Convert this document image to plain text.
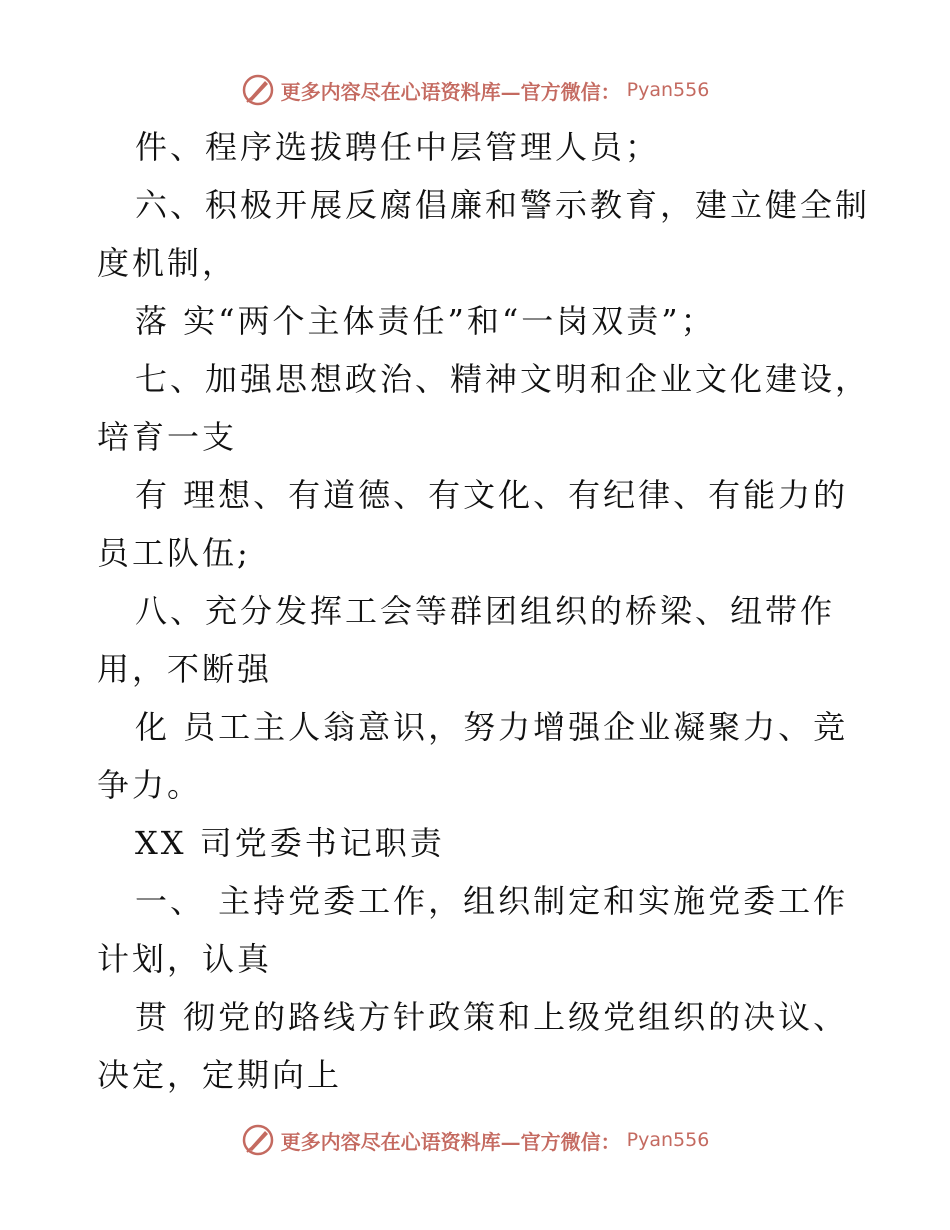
更多内容尽在心语资料库—官方微信： Pyan556
件、程序选拔聘任中层管理人员；
六、积极开展反腐倡廉和警示教育，建立健全制
度机制，
落 实“两个主体责任”和“一岗双责”；
七、加强思想政治、精神文明和企业文化建设，
培育一支
有 理想、有道德、有文化、有纪律、有能力的
员工队伍;
八、充分发挥工会等群团组织的桥梁、纽带作
用，不断强
化 员工主人翁意识，努力增强企业凝聚力、竞
争力。
XX 司党委书记职责
一、 主持党委工作，组织制定和实施党委工作
计划，认真
贯 彻党的路线方针政策和上级党组织的决议、
决定，定期向上
更多内容尽在心语资料库—官方微信： Pyan556
